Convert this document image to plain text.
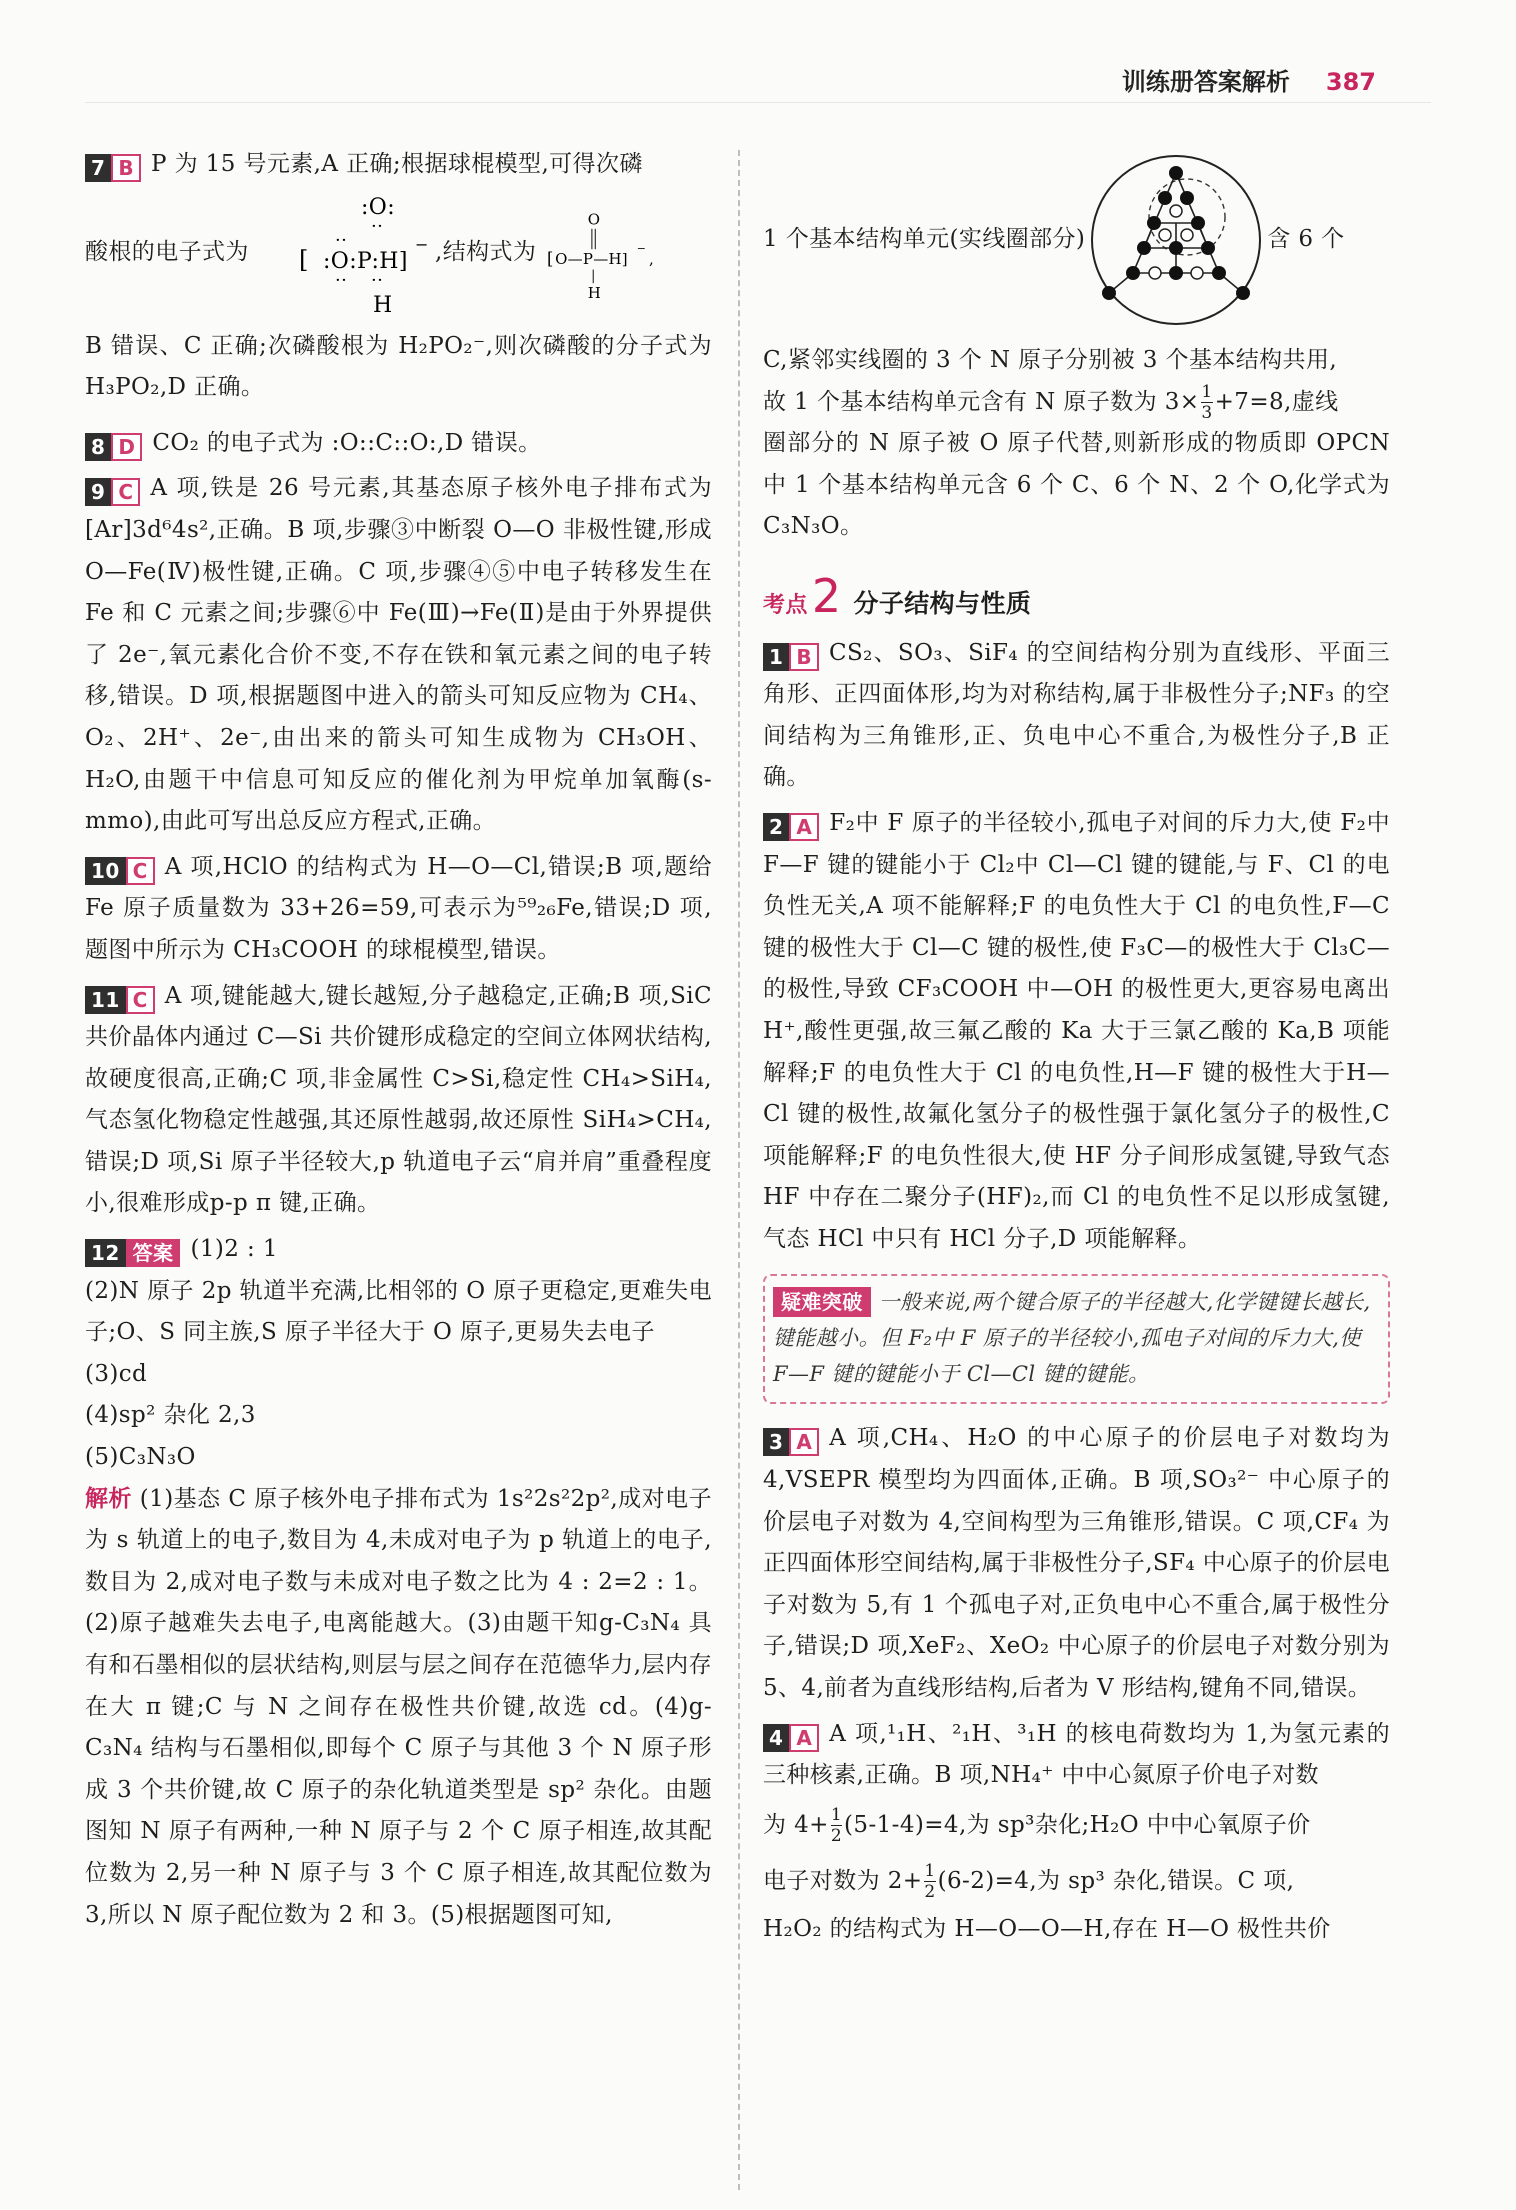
训练册答案解析 387

7 B P 为 15 号元素,A 正确;根据球棍模型,可得次磷

酸根的电子式为 [ :O:P:H]
−
:O:
··
··
·· ··
H
,结构式为 [ O—P—H]
−
,
O
H

B 错误、C 正确;次磷酸根为 H₂PO₂⁻,则次磷酸的分子式为 H₃PO₂,D 正确。

8 D CO₂ 的电子式为 :O::C::O:,D 错误。

9 C A 项,铁是 26 号元素,其基态原子核外电子排布式为[Ar]3d⁶4s²,正确。B 项,步骤③中断裂 O—O 非极性键,形成 O—Fe(Ⅳ)极性键,正确。C 项,步骤④⑤中电子转移发生在 Fe 和 C 元素之间;步骤⑥中 Fe(Ⅲ)→Fe(Ⅱ)是由于外界提供了 2e⁻,氧元素化合价不变,不存在铁和氧元素之间的电子转移,错误。D 项,根据题图中进入的箭头可知反应物为 CH₄、O₂、2H⁺、2e⁻,由出来的箭头可知生成物为 CH₃OH、H₂O,由题干中信息可知反应的催化剂为甲烷单加氧酶(s-mmo),由此可写出总反应方程式,正确。

10 C A 项,HClO 的结构式为 H—O—Cl,错误;B 项,题给 Fe 原子质量数为 33+26=59,可表示为⁵⁹₂₆Fe,错误;D 项,题图中所示为 CH₃COOH 的球棍模型,错误。

11 C A 项,键能越大,键长越短,分子越稳定,正确;B 项,SiC 共价晶体内通过 C—Si 共价键形成稳定的空间立体网状结构,故硬度很高,正确;C 项,非金属性 C>Si,稳定性 CH₄>SiH₄,气态氢化物稳定性越强,其还原性越弱,故还原性 SiH₄>CH₄,错误;D 项,Si 原子半径较大,p 轨道电子云“肩并肩”重叠程度小,很难形成p-p π 键,正确。

12 答案 (1)2 : 1

(2)N 原子 2p 轨道半充满,比相邻的 O 原子更稳定,更难失电子;O、S 同主族,S 原子半径大于 O 原子,更易失去电子

(3)cd

(4)sp² 杂化 2,3

(5)C₃N₃O

解析 (1)基态 C 原子核外电子排布式为 1s²2s²2p²,成对电子为 s 轨道上的电子,数目为 4,未成对电子为 p 轨道上的电子,数目为 2,成对电子数与未成对电子数之比为 4 : 2=2 : 1。(2)原子越难失去电子,电离能越大。(3)由题干知g-C₃N₄ 具有和石墨相似的层状结构,则层与层之间存在范德华力,层内存在大 π 键;C 与 N 之间存在极性共价键,故选 cd。(4)g-C₃N₄ 结构与石墨相似,即每个 C 原子与其他 3 个 N 原子形成 3 个共价键,故 C 原子的杂化轨道类型是 sp² 杂化。由题图知 N 原子有两种,一种 N 原子与 2 个 C 原子相连,故其配位数为 2,另一种 N 原子与 3 个 C 原子相连,故其配位数为 3,所以 N 原子配位数为 2 和 3。(5)根据题图可知,

1 个基本结构单元(实线圈部分)	含 6 个

C,紧邻实线圈的 3 个 N 原子分别被 3 个基本结构共用,

故 1 个基本结构单元含有 N 原子数为 $3\times \frac{1}{3} +7=8$,虚线

圈部分的 N 原子被 O 原子代替,则新形成的物质即 OPCN 中 1 个基本结构单元含 6 个 C、6 个 N、2 个 O,化学式为 C₃N₃O。

考点2 分子结构与性质

1 B CS₂、SO₃、SiF₄ 的空间结构分别为直线形、平面三角形、正四面体形,均为对称结构,属于非极性分子;NF₃ 的空间结构为三角锥形,正、负电中心不重合,为极性分子,B 正确。

2 A F₂中 F 原子的半径较小,孤电子对间的斥力大,使 F₂中 F—F 键的键能小于 Cl₂中 Cl—Cl 键的键能,与 F、Cl 的电负性无关,A 项不能解释;F 的电负性大于 Cl 的电负性,F—C 键的极性大于 Cl—C 键的极性,使 F₃C—的极性大于 Cl₃C—的极性,导致 CF₃COOH 中—OH 的极性更大,更容易电离出 H⁺,酸性更强,故三氟乙酸的 Ka 大于三氯乙酸的 Ka,B 项能解释;F 的电负性大于 Cl 的电负性,H—F 键的极性大于H—Cl 键的极性,故氟化氢分子的极性强于氯化氢分子的极性,C 项能解释;F 的电负性很大,使 HF 分子间形成氢键,导致气态 HF 中存在二聚分子(HF)₂,而 Cl 的电负性不足以形成氢键,气态 HCl 中只有 HCl 分子,D 项能解释。

疑难突破 一般来说,两个键合原子的半径越大,化学键键长越长,键能越小。但 F₂中 F 原子的半径较小,孤电子对间的斥力大,使 F—F 键的键能小于 Cl—Cl 键的键能。

3 A A 项,CH₄、H₂O 的中心原子的价层电子对数均为 4,VSEPR 模型均为四面体,正确。B 项,SO₃²⁻ 中心原子的价层电子对数为 4,空间构型为三角锥形,错误。C 项,CF₄ 为正四面体形空间结构,属于非极性分子,SF₄ 中心原子的价层电子对数为 5,有 1 个孤电子对,正负电中心不重合,属于极性分子,错误;D 项,XeF₂、XeO₂ 中心原子的价层电子对数分别为 5、4,前者为直线形结构,后者为 V 形结构,键角不同,错误。

4 A A 项,¹₁H、²₁H、³₁H 的核电荷数均为 1,为氢元素的三种核素,正确。B 项,NH₄⁺ 中中心氮原子价电子对数

为 $4+ \frac{1}{2} (5-1-4)=4$,为 sp³杂化;H₂O 中中心氧原子价

电子对数为 $2+ \frac{1}{2} (6-2)=4$,为 sp³ 杂化,错误。C 项,

H₂O₂ 的结构式为 H—O—O—H,存在 H—O 极性共价
